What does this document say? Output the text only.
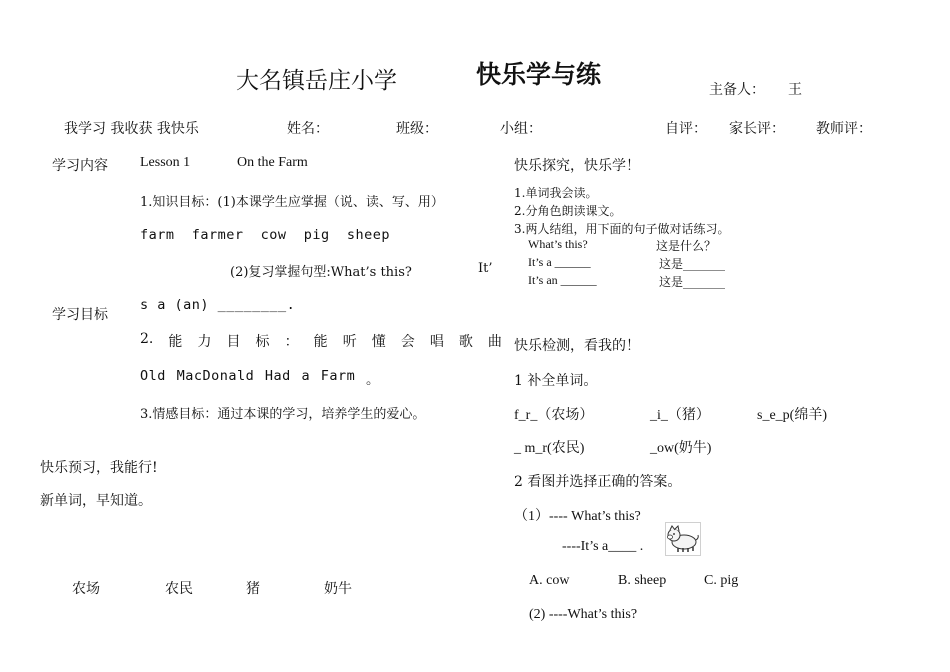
大名镇岳庄小学	快乐学与练
主备人： 王
我学习 我收获 我快乐	姓名：	班级：	小组：	自评： 家长评： 教师评：
学习内容 Lesson 1	On the Farm
1.知识目标：(1)本课学生应掌握（说、读、写、用）
farm farmer cow pig sheep
(2)复习掌握句型:What’s this?	It’
s a (an) ________.
学习目标
2. 能 力 目 标 ： 能 听 懂 会 唱 歌 曲
Old MacDonald Had a Farm 。
3.情感目标：通过本课的学习，培养学生的爱心。
快乐预习，我能行!
新单词，早知道。
农场	农民	猪	奶牛
快乐探究，快乐学！
1.单词我会读。
2.分角色朗读课文。
3.两人结组，用下面的句子做对话练习。
What’s this?	这是什么？
It’s a ______	这是_______
It’s an ______	这是_______
快乐检测，看我的！
1 补全单词。
f_r_（农场）	_i_（猪）	s_e_p(绵羊)
_ m_r(农民)	_ow(奶牛)
2 看图并选择正确的答案。
（1）---- What’s this?
----It’s a____ .
A. cow	B. sheep	C. pig
(2) ----What’s this?
